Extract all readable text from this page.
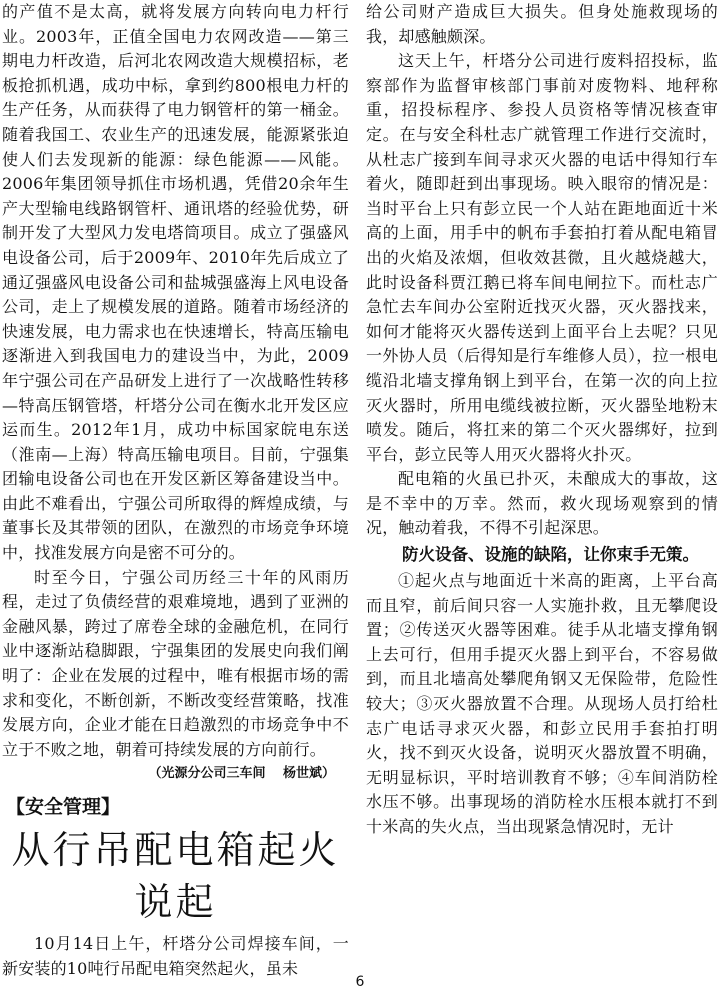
的产值不是太高，就将发展方向转向电力杆行业。2003年，正值全国电力农网改造——第三期电力杆改造，后河北农网改造大规模招标，老板抢抓机遇，成功中标，拿到约800根电力杆的生产任务，从而获得了电力钢管杆的第一桶金。随着我国工、农业生产的迅速发展，能源紧张迫使人们去发现新的能源：绿色能源——风能。2006年集团领导抓住市场机遇，凭借20余年生产大型输电线路钢管杆、通讯塔的经验优势，研制开发了大型风力发电塔筒项目。成立了强盛风电设备公司，后于2009年、2010年先后成立了通辽强盛风电设备公司和盐城强盛海上风电设备公司，走上了规模发展的道路。随着市场经济的快速发展，电力需求也在快速增长，特高压输电逐渐进入到我国电力的建设当中，为此，2009年宁强公司在产品研发上进行了一次战略性转移—特高压钢管塔，杆塔分公司在衡水北开发区应运而生。2012年1月，成功中标国家皖电东送（淮南—上海）特高压输电项目。目前，宁强集团输电设备公司也在开发区新区筹备建设当中。由此不难看出，宁强公司所取得的辉煌成绩，与董事长及其带领的团队，在激烈的市场竞争环境中，找准发展方向是密不可分的。

时至今日，宁强公司历经三十年的风雨历程，走过了负债经营的艰难境地，遇到了亚洲的金融风暴，跨过了席卷全球的金融危机，在同行业中逐渐站稳脚跟，宁强集团的发展史向我们阐明了：企业在发展的过程中，唯有根据市场的需求和变化，不断创新，不断改变经营策略，找准发展方向，企业才能在日趋激烈的市场竞争中不立于不败之地，朝着可持续发展的方向前行。

（光源分公司三车间　 杨世斌）

【安全管理】
从行吊配电箱起火说起

10月14日上午，杆塔分公司焊接车间，一新安装的10吨行吊配电箱突然起火，虽未

给公司财产造成巨大损失。但身处施救现场的我，却感触颇深。

这天上午，杆塔分公司进行废料招投标，监察部作为监督审核部门事前对废物料、地秤称重，招投标程序、参投人员资格等情况核查审定。在与安全科杜志广就管理工作进行交流时，从杜志广接到车间寻求灭火器的电话中得知行车着火，随即赶到出事现场。映入眼帘的情况是：当时平台上只有彭立民一个人站在距地面近十米高的上面，用手中的帆布手套拍打着从配电箱冒出的火焰及浓烟，但收效甚微，且火越烧越大，此时设备科贾江鹅已将车间电闸拉下。而杜志广急忙去车间办公室附近找灭火器，灭火器找来，如何才能将灭火器传送到上面平台上去呢？只见一外协人员（后得知是行车维修人员），拉一根电缆沿北墙支撑角钢上到平台，在第一次的向上拉灭火器时，所用电缆线被拉断，灭火器坠地粉末喷发。随后，将扛来的第二个灭火器绑好，拉到平台，彭立民等人用灭火器将火扑灭。

配电箱的火虽已扑灭，未酿成大的事故，这是不幸中的万幸。然而，救火现场观察到的情况，触动着我，不得不引起深思。

防火设备、设施的缺陷，让你束手无策。

①起火点与地面近十米高的距离，上平台高而且窄，前后间只容一人实施扑救，且无攀爬设置；②传送灭火器等困难。徒手从北墙支撑角钢上去可行，但用手提灭火器上到平台，不容易做到，而且北墙高处攀爬角钢又无保险带，危险性较大；③灭火器放置不合理。从现场人员打给杜志广电话寻求灭火器，和彭立民用手套拍打明火，找不到灭火设备，说明灭火器放置不明确，无明显标识，平时培训教育不够；④车间消防栓水压不够。出事现场的消防栓水压根本就打不到十米高的失火点，当出现紧急情况时，无计

6
